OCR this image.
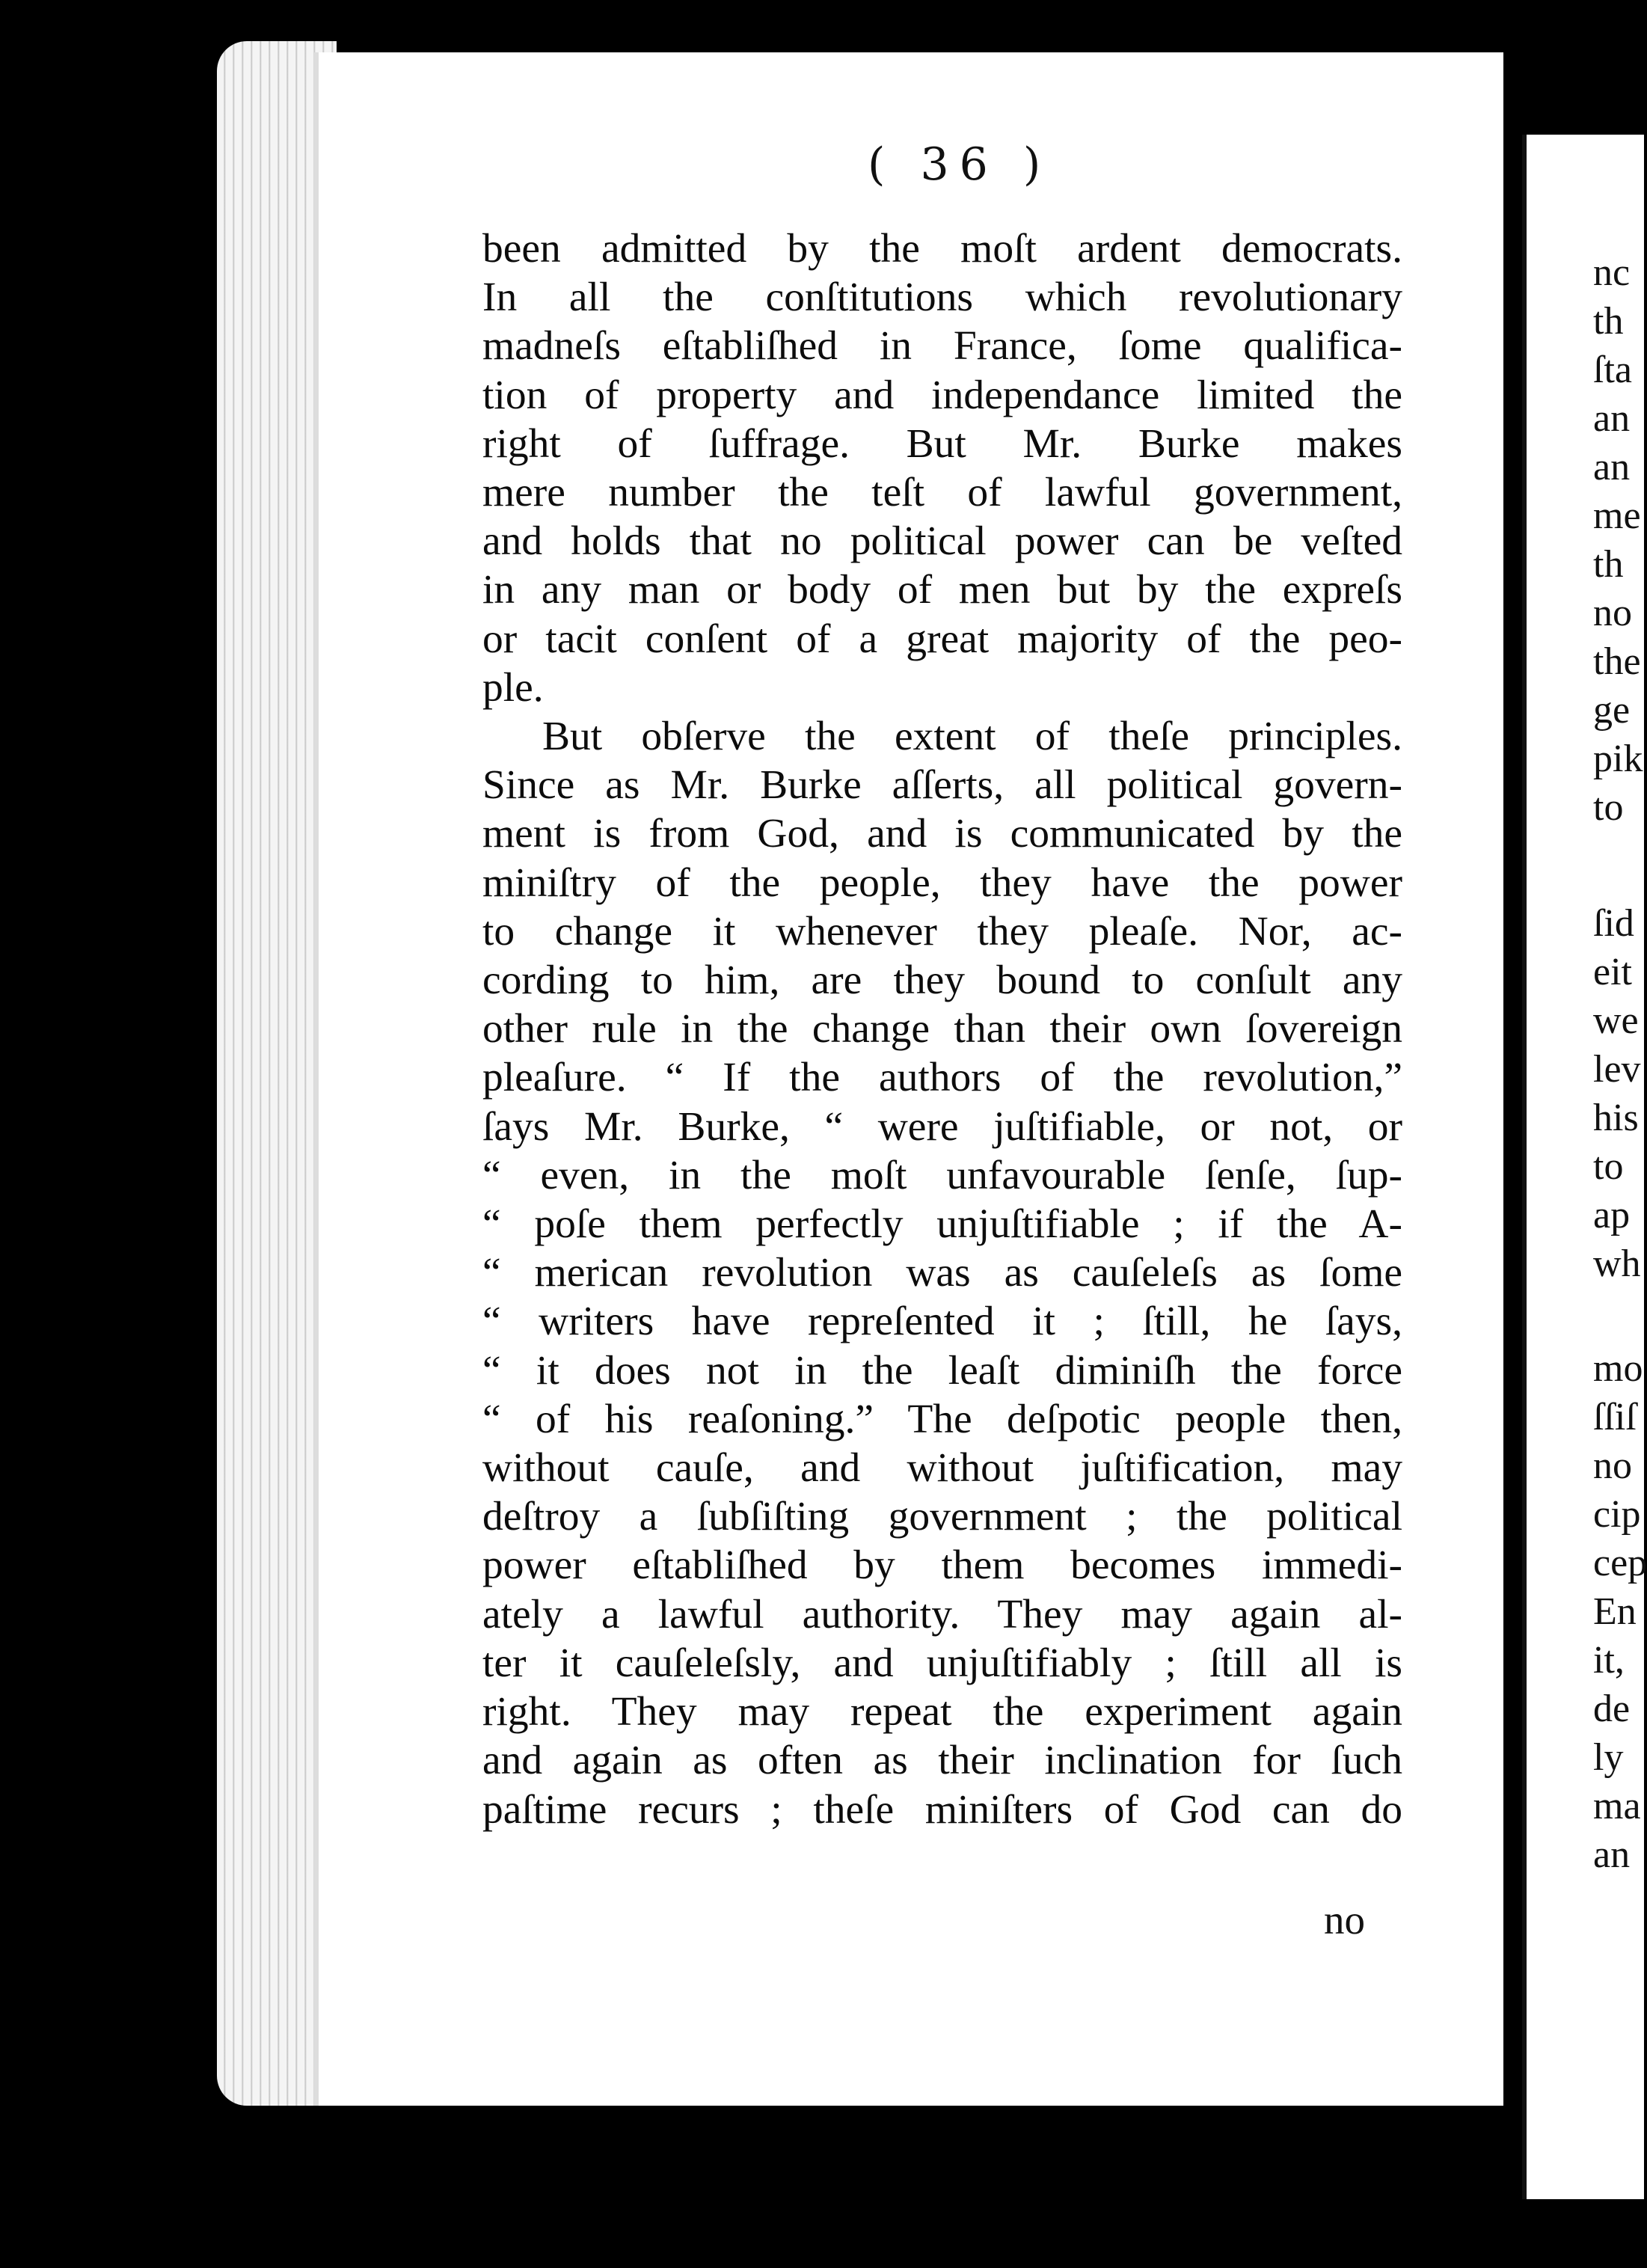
( 36 )
been admitted by the moſt ardent democrats.
In all the conſtitutions which revolutionary
madneſs eſtabliſhed in France, ſome qualifica-
tion of property and independance limited the
right of ſuffrage. But Mr. Burke makes
mere number the teſt of lawful government,
and holds that no political power can be veſted
in any man or body of men but by the expreſs
or tacit conſent of a great majority of the peo-
ple.
But obſerve the extent of theſe principles.
Since as Mr. Burke aſſerts, all political govern-
ment is from God, and is communicated by the
miniſtry of the people, they have the power
to change it whenever they pleaſe. Nor, ac-
cording to him, are they bound to conſult any
other rule in the change than their own ſovereign
pleaſure. “ If the authors of the revolution,”
ſays Mr. Burke, “ were juſtifiable, or not, or
“ even, in the moſt unfavourable ſenſe, ſup-
“ poſe them perfectly unjuſtifiable ; if the A-
“ merican revolution was as cauſeleſs as ſome
“ writers have repreſented it ; ſtill, he ſays,
“ it does not in the leaſt diminiſh the force
“ of his reaſoning.” The deſpotic people then,
without cauſe, and without juſtification, may
deſtroy a ſubſiſting government ; the political
power eſtabliſhed by them becomes immedi-
ately a lawful authority. They may again al-
ter it cauſeleſsly, and unjuſtifiably ; ſtill all is
right. They may repeat the experiment again
and again as often as their inclination for ſuch
paſtime recurs ; theſe miniſters of God can do
no
nc
th
ſta
an
an
me
th
no
the
ge
pik
to
ſid
eit
we
lev
his
to
ap
wh
mo
ſſiſ
no
cip
cep
En
it,
de
ly
ma
an
